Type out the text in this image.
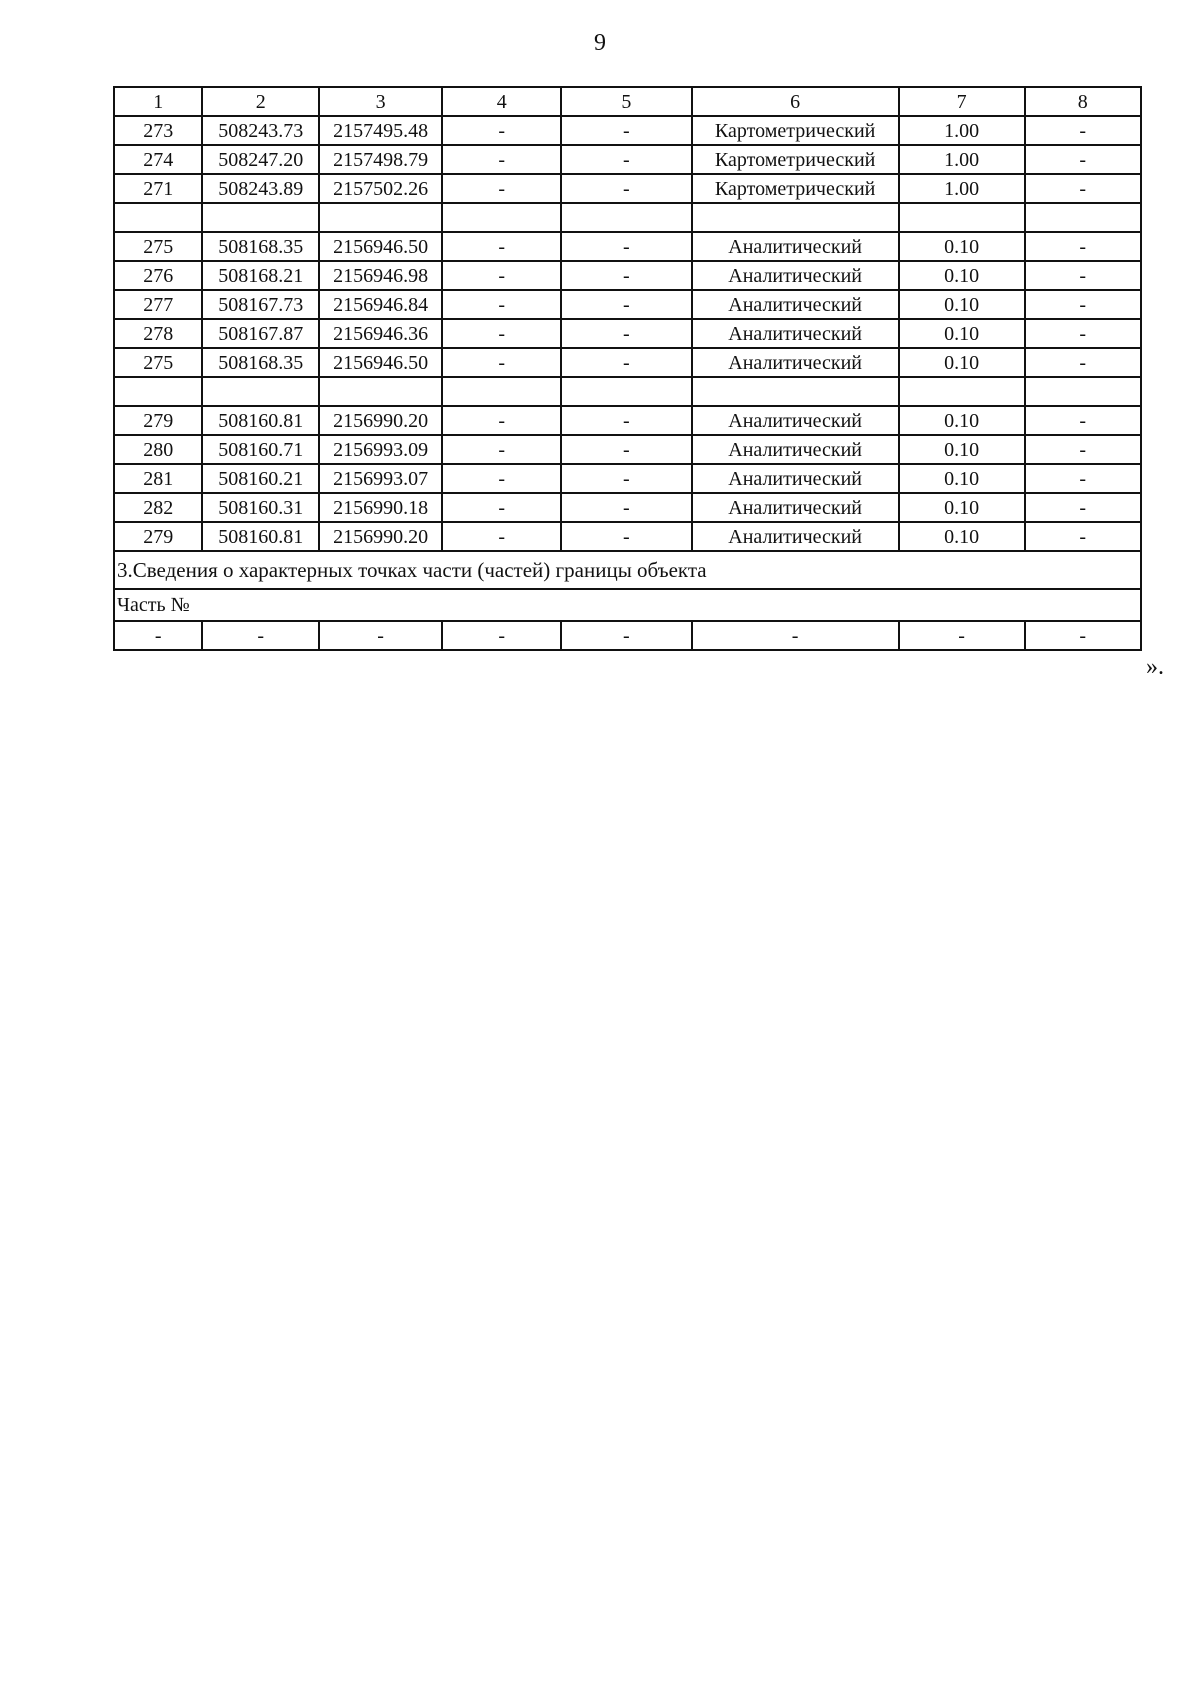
9
1	2	3	4	5	6	7	8
273	508243.73	2157495.48	-	-	Картометрический	1.00	-
274	508247.20	2157498.79	-	-	Картометрический	1.00	-
271	508243.89	2157502.26	-	-	Картометрический	1.00	-

275	508168.35	2156946.50	-	-	Аналитический	0.10	-
276	508168.21	2156946.98	-	-	Аналитический	0.10	-
277	508167.73	2156946.84	-	-	Аналитический	0.10	-
278	508167.87	2156946.36	-	-	Аналитический	0.10	-
275	508168.35	2156946.50	-	-	Аналитический	0.10	-

279	508160.81	2156990.20	-	-	Аналитический	0.10	-
280	508160.71	2156993.09	-	-	Аналитический	0.10	-
281	508160.21	2156993.07	-	-	Аналитический	0.10	-
282	508160.31	2156990.18	-	-	Аналитический	0.10	-
279	508160.81	2156990.20	-	-	Аналитический	0.10	-
3.Сведения о характерных точках части (частей) границы объекта							
Часть №							
-	-	-	-	-	-	-	-
».
